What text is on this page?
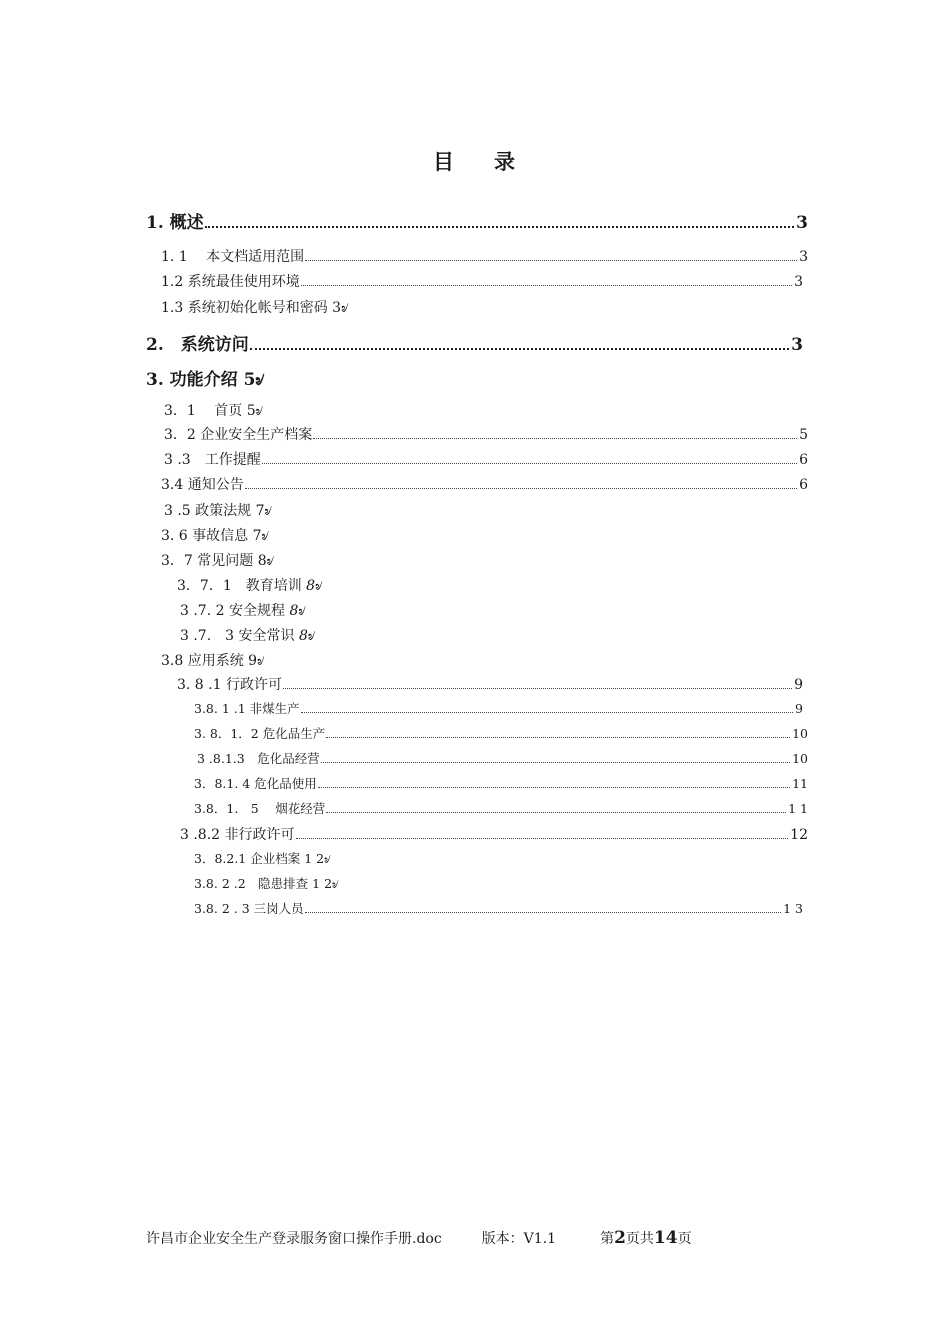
目 录
1. 概述	3
1. 1　 本文档适用范围	3
1.2 系统最佳使用环境	3
1.3 系统初始化帐号和密码 3৶
2.　系统访问	3
3. 功能介绍 5৶
3．1　 首页 5৶
3．2 企业安全生产档案	5
3 .3　工作提醒	6
3.4 通知公告	6
3 .5 政策法规 7৶
3. 6 事故信息 7৶
3．7 常见问题 8৶
3．7．1　教育培训 8৶
3 .7. 2 安全规程 8৶
3 .7.　3 安全常识 8৶
3.8 应用系统 9৶
3. 8 .1 行政许可	9
3.8. 1 .1 非煤生产	9
3. 8．1．2 危化品生产	10
3 .8.1.3　危化品经营	10
3．8.1. 4 危化品使用	11
3.8．1.　5　 烟花经营	1 1
3 .8.2 非行政许可	12
3．8.2.1 企业档案 1 2৶
3.8. 2 .2　隐患排查 1 2৶
3.8. 2 . 3 三岗人员	1 3
许昌市企业安全生产登录服务窗口操作手册.doc	版本：V1.1	第2页共14页
